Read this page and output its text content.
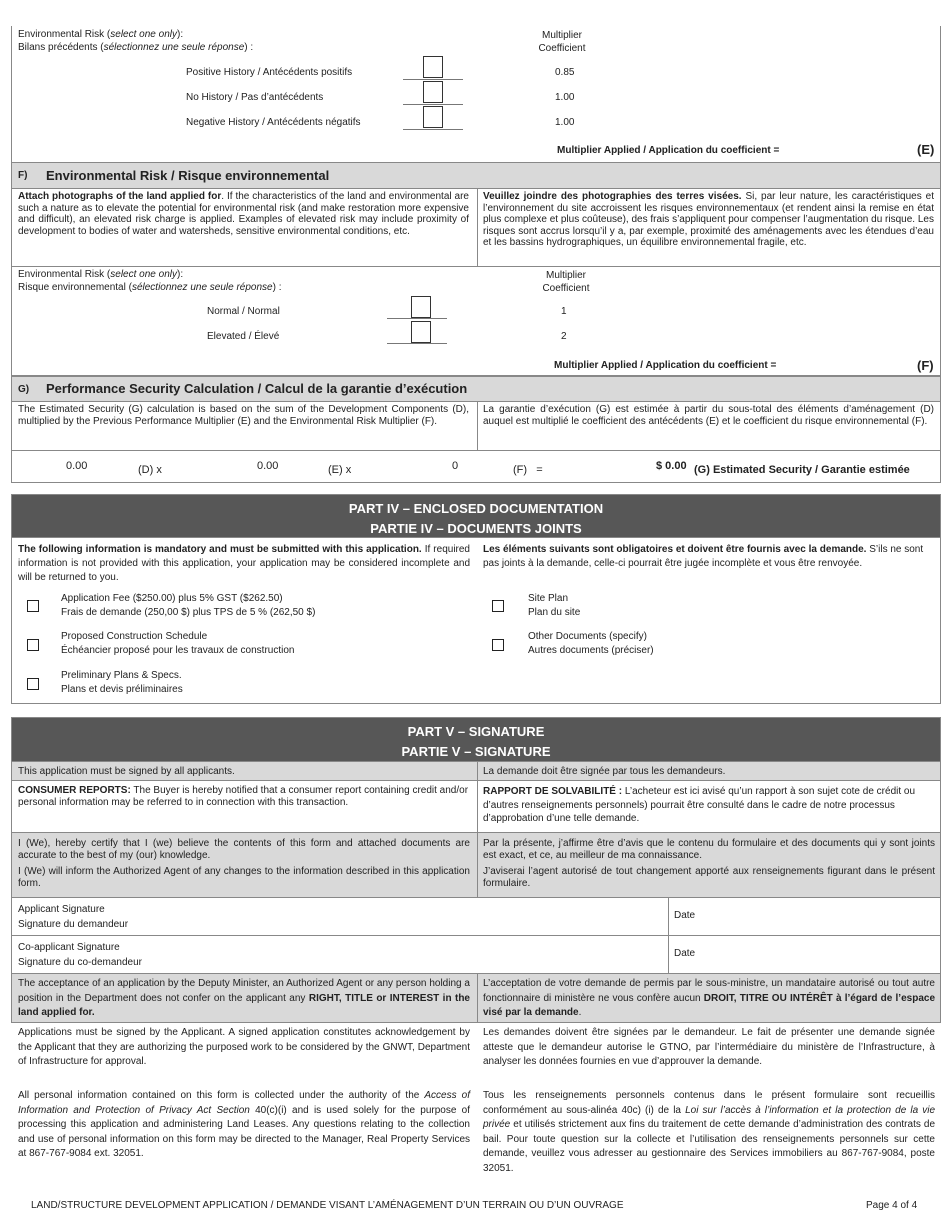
Environmental Risk (select one only):
Bilans précédents (sélectionnez une seule réponse) :
Multiplier
Coefficient
Positive History / Antécédents positifs	0.85
No History / Pas d’antécédents	1.00
Negative History / Antécédents négatifs	1.00
Multiplier Applied / Application du coefficient =	(E)
F) Environmental Risk / Risque environnemental
Attach photographs of the land applied for. If the characteristics of the land and environmental are such a nature as to elevate the potential for environmental risk (and make restoration more expensive and difficult), an elevated risk charge is applied. Examples of elevated risk may include proximity of development to bodies of water and watersheds, sensitive environmental conditions, etc.
Veuillez joindre des photographies des terres visées. Si, par leur nature, les caractéristiques et l’environnement du site accroissent les risques environnementaux (et rendent ainsi la remise en état plus complexe et plus coûteuse), des frais s’appliquent pour compenser l’augmentation du risque. Les risques sont accrus lorsqu’il y a, par exemple, proximité des aménagements avec les étendues d’eau et les bassins hydrographiques, un équilibre environnemental fragile, etc.
Environmental Risk (select one only):
Risque environnemental (sélectionnez une seule réponse) :
Multiplier
Coefficient
Normal / Normal	1
Elevated / Élevé	2
Multiplier Applied / Application du coefficient =	(F)
G) Performance Security Calculation / Calcul de la garantie d’exécution
The Estimated Security (G) calculation is based on the sum of the Development Components (D), multiplied by the Previous Performance Multiplier (E) and the Environmental Risk Multiplier (F).
La garantie d’exécution (G) est estimée à partir du sous-total des éléments d’aménagement (D) auquel est multiplié le coefficient des antécédents (E) et le coefficient du risque environnemental (F).
0.00	(D) x	0.00	(E) x	0	(F)   =	$ 0.00 (G) Estimated Security / Garantie estimée
PART IV – ENCLOSED DOCUMENTATION
PARTIE IV – DOCUMENTS JOINTS
The following information is mandatory and must be submitted with this application. If required information is not provided with this application, your application may be considered incomplete and will be returned to you.
Les éléments suivants sont obligatoires et doivent être fournis avec la demande. S’ils ne sont pas joints à la demande, celle-ci pourrait être jugée incomplète et vous être renvoyée.
Application Fee ($250.00) plus 5% GST ($262.50)
Frais de demande (250,00 $) plus TPS de 5 % (262,50 $)
Proposed Construction Schedule
Échéancier proposé pour les travaux de construction
Preliminary Plans & Specs.
Plans et devis préliminaires
Site Plan
Plan du site
Other Documents (specify)
Autres documents (préciser)
PART V – SIGNATURE
PARTIE V – SIGNATURE
This application must be signed by all applicants.	La demande doit être signée par tous les demandeurs.
CONSUMER REPORTS: The Buyer is hereby notified that a consumer report containing credit and/or personal information may be referred to in connection with this transaction.
RAPPORT DE SOLVABILITÉ : L’acheteur est ici avisé qu’un rapport à son sujet cote de crédit ou d’autres renseignements personnels) pourrait être consulté dans le cadre de notre processus d’approbation d’une telle demande.
I (We), hereby certify that I (we) believe the contents of this form and attached documents are accurate to the best of my (our) knowledge.
I (We) will inform the Authorized Agent of any changes to the information described in this application form.
Par la présente, j’affirme être d’avis que le contenu du formulaire et des documents qui y sont joints est exact, et ce, au meilleur de ma connaissance.
J’aviserai l’agent autorisé de tout changement apporté aux renseignements figurant dans le présent formulaire.
Applicant Signature
Signature du demandeur
Date
Co-applicant Signature
Signature du co-demandeur
Date
The acceptance of an application by the Deputy Minister, an Authorized Agent or any person holding a position in the Department does not confer on the applicant any RIGHT, TITLE or INTEREST in the land applied for.
L’acceptation de votre demande de permis par le sous-ministre, un mandataire autorisé ou tout autre fonctionnaire di ministère ne vous confère aucun DROIT, TITRE OU INTÉRÊT à l’égard de l’espace visé par la demande.
Applications must be signed by the Applicant. A signed application constitutes acknowledgement by the Applicant that they are authorizing the purposed work to be considered by the GNWT, Department of Infrastructure for approval.
Les demandes doivent être signées par le demandeur. Le fait de présenter une demande signée atteste que le demandeur autorise le GTNO, par l’intermédiaire du ministère de l’Infrastructure, à analyser les données fournies en vue d’approuver la demande.
All personal information contained on this form is collected under the authority of the Access of Information and Protection of Privacy Act Section 40(c)(i) and is used solely for the purpose of processing this application and administering Land Leases. Any questions relating to the collection and use of personal information on this form may be directed to the Manager, Real Property Services at 867-767-9084 ext. 32051.
Tous les renseignements personnels contenus dans le présent formulaire sont recueillis conformément au sous-alinéa 40c) (i) de la Loi sur l’accès à l’information et la protection de la vie privée et utilisés strictement aux fins du traitement de cette demande d’administration des contrats de bail. Pour toute question sur la collecte et l’utilisation des renseignements personnels sur cette demande, veuillez vous adresser au gestionnaire des Services immobiliers au 867-767-9084, poste 32051.
LAND/STRUCTURE DEVELOPMENT APPLICATION / DEMANDE VISANT L’AMÉNAGEMENT D’UN TERRAIN OU D’UN OUVRAGE	Page 4 of 4
